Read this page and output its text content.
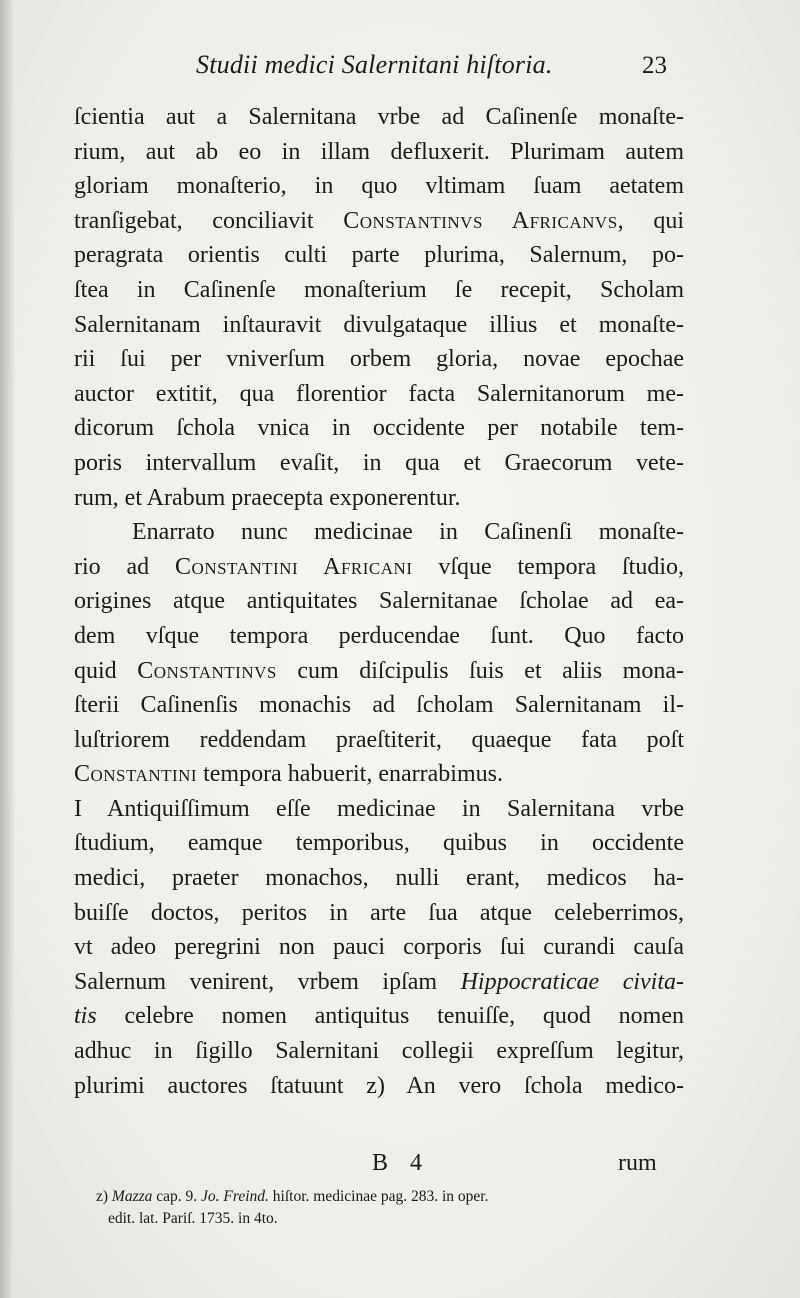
Studii medici Salernitani hiſtoria.	23
ſcientia aut a Salernitana vrbe ad Caſinenſe monaſte-
rium, aut ab eo in illam defluxerit. Plurimam autem
gloriam monaſterio, in quo vltimam ſuam aetatem
tranſigebat, conciliavit Constantinvs Africanvs, qui
peragrata orientis culti parte plurima, Salernum, po-
ſtea in Caſinenſe monaſterium ſe recepit, Scholam
Salernitanam inſtauravit divulgataque illius et monaſte-
rii ſui per vniverſum orbem gloria, novae epochae
auctor extitit, qua florentior facta Salernitanorum me-
dicorum ſchola vnica in occidente per notabile tem-
poris intervallum evaſit, in qua et Graecorum vete-
rum, et Arabum praecepta exponerentur.
Enarrato nunc medicinae in Caſinenſi monaſte-
rio ad Constantini Africani vſque tempora ſtudio,
origines atque antiquitates Salernitanae ſcholae ad ea-
dem vſque tempora perducendae ſunt. Quo facto
quid Constantinvs cum diſcipulis ſuis et aliis mona-
ſterii Caſinenſis monachis ad ſcholam Salernitanam il-
luſtriorem reddendam praeſtiterit, quaeque fata poſt
Constantini tempora habuerit, enarrabimus.
I Antiquiſſimum eſſe medicinae in Salernitana vrbe
ſtudium, eamque temporibus, quibus in occidente
medici, praeter monachos, nulli erant, medicos ha-
buiſſe doctos, peritos in arte ſua atque celeberrimos,
vt adeo peregrini non pauci corporis ſui curandi cauſa
Salernum venirent, vrbem ipſam Hippocraticae civita-
tis celebre nomen antiquitus tenuiſſe, quod nomen
adhuc in ſigillo Salernitani collegii expreſſum legitur,
plurimi auctores ſtatuunt z) An vero ſchola medico-
B 4	rum
z) Mazza cap. 9. Jo. Freind. hiſtor. medicinae pag. 283. in oper.
edit. lat. Pariſ. 1735. in 4to.
